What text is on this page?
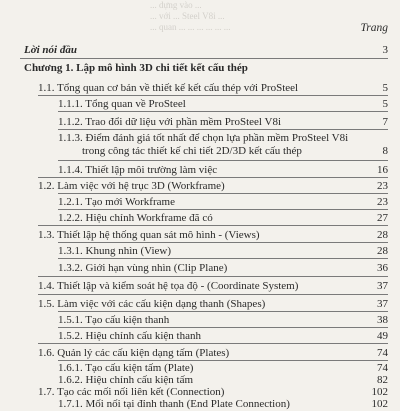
... dựng vào ...
... với ... Steel V8i ...
... quan ... ... ... ... ... ...	Trang
Lời nói đầu	3
Chương 1. Lập mô hình 3D chi tiết kết cấu thép
1.1. Tổng quan cơ bản về thiết kế kết cấu thép với ProSteel	5
1.1.1. Tổng quan về ProSteel	5
1.1.2. Trao đổi dữ liệu với phần mềm ProSteel V8i	7
1.1.3. Điểm đánh giá tốt nhất để chọn lựa phần mềm ProSteel V8i
trong công tác thiết kế chi tiết 2D/3D kết cấu thép	8
1.1.4. Thiết lập môi trường làm việc	16
1.2. Làm việc với hệ trục 3D (Workframe)	23
1.2.1. Tạo mới Workframe	23
1.2.2. Hiệu chỉnh Workframe đã có	27
1.3. Thiết lập hệ thống quan sát mô hình - (Views)	28
1.3.1. Khung nhìn (View)	28
1.3.2. Giới hạn vùng nhìn (Clip Plane)	36
1.4. Thiết lập và kiểm soát hệ tọa độ - (Coordinate System)	37
1.5. Làm việc với các cấu kiện dạng thanh (Shapes)	37
1.5.1. Tạo cấu kiện thanh	38
1.5.2. Hiệu chỉnh cấu kiện thanh	49
1.6. Quản lý các cấu kiện dạng tấm (Plates)	74
1.6.1. Tạo cấu kiện tấm (Plate)	74
1.6.2. Hiệu chỉnh cấu kiện tấm	82
1.7. Tạo các mối nối liên kết (Connection)	102
1.7.1. Mối nối tại đỉnh thanh (End Plate Connection)	102
